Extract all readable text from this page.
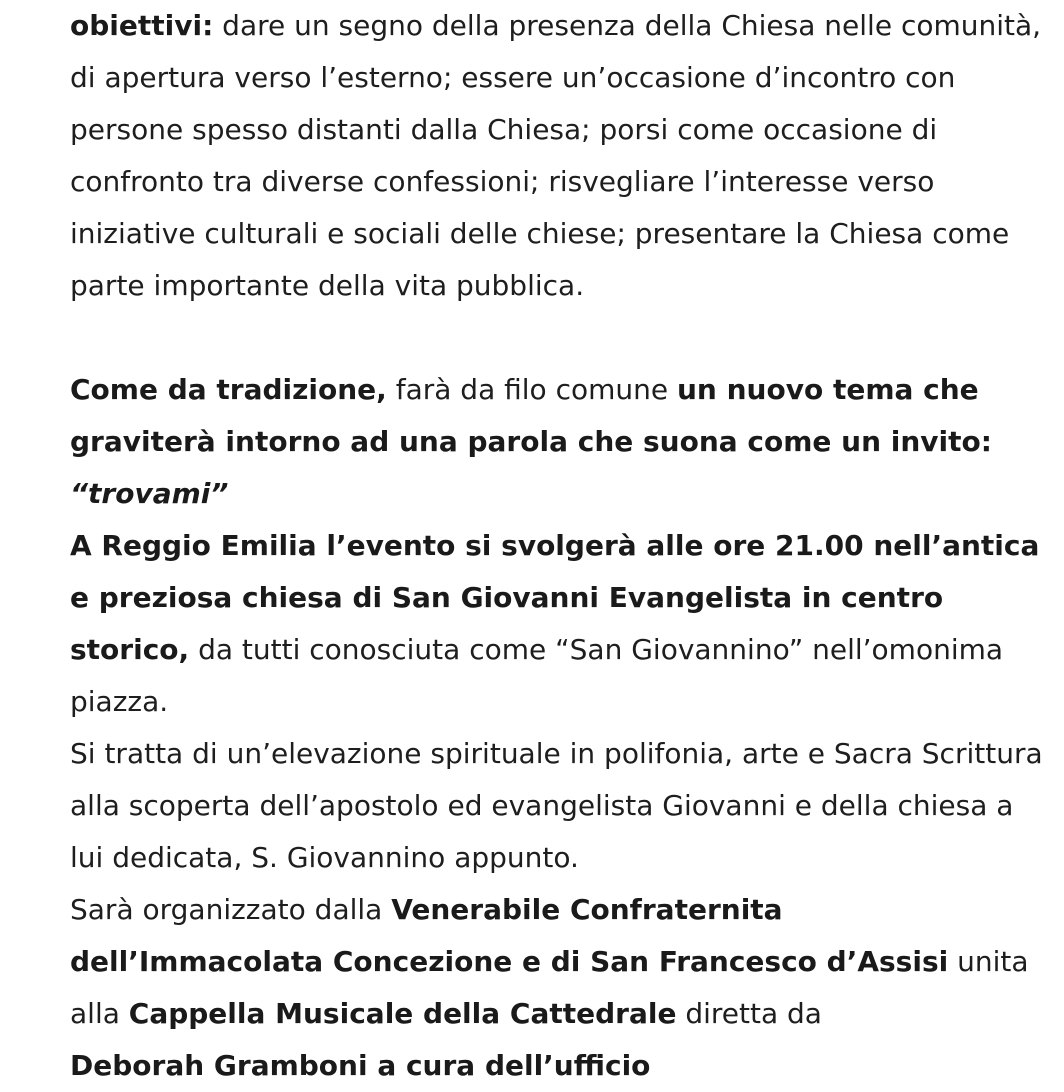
obiettivi: dare un segno della presenza della Chiesa nelle comunità, di apertura verso l’esterno; essere un’occasione d’incontro con persone spesso distanti dalla Chiesa; porsi come occasione di confronto tra diverse confessioni; risvegliare l’interesse verso iniziative culturali e sociali delle chiese; presentare la Chiesa come parte importante della vita pubblica.

Come da tradizione, farà da filo comune un nuovo tema che graviterà intorno ad una parola che suona come un invito: “trovami”

A Reggio Emilia l’evento si svolgerà alle ore 21.00 nell’antica e preziosa chiesa di San Giovanni Evangelista in centro storico, da tutti conosciuta come “San Giovannino” nell’omonima piazza.

Si tratta di un’elevazione spirituale in polifonia, arte e Sacra Scrittura alla scoperta dell’apostolo ed evangelista Giovanni e della chiesa a lui dedicata, S. Giovannino appunto.

Sarà organizzato dalla Venerabile Confraternita dell’Immacolata Concezione e di San Francesco d’Assisi unita alla Cappella Musicale della Cattedrale diretta da

Deborah Gramboni a cura dell’ufficio
